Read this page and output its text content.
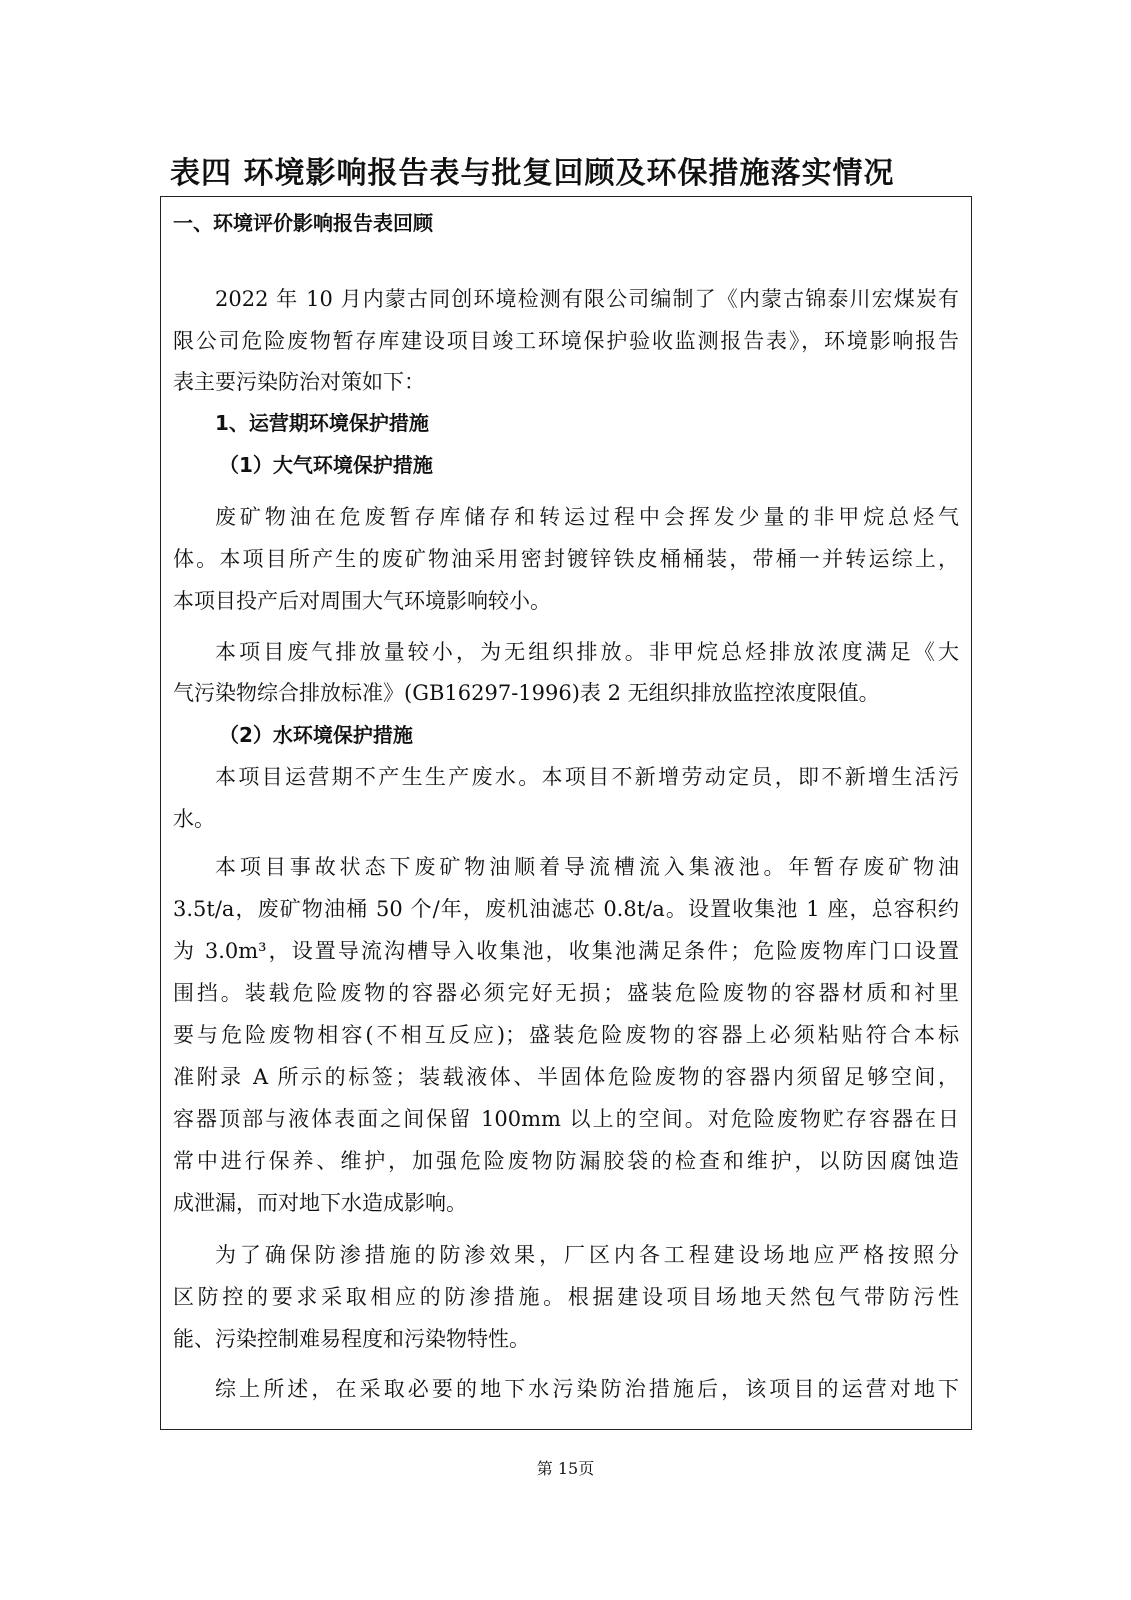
表四 环境影响报告表与批复回顾及环保措施落实情况
一、环境评价影响报告表回顾
2022 年 10 月内蒙古同创环境检测有限公司编制了《内蒙古锦泰川宏煤炭有
限公司危险废物暂存库建设项目竣工环境保护验收监测报告表》，环境影响报告
表主要污染防治对策如下：
1、运营期环境保护措施
（1）大气环境保护措施
废矿物油在危废暂存库储存和转运过程中会挥发少量的非甲烷总烃气
体。本项目所产生的废矿物油采用密封镀锌铁皮桶桶装，带桶一并转运综上，
本项目投产后对周围大气环境影响较小。
本项目废气排放量较小，为无组织排放。非甲烷总烃排放浓度满足《大
气污染物综合排放标准》(GB16297-1996)表 2 无组织排放监控浓度限值。
（2）水环境保护措施
本项目运营期不产生生产废水。本项目不新增劳动定员，即不新增生活污
水。
本项目事故状态下废矿物油顺着导流槽流入集液池。年暂存废矿物油
3.5t/a，废矿物油桶 50 个/年，废机油滤芯 0.8t/a。设置收集池 1 座，总容积约
为 3.0m³，设置导流沟槽导入收集池，收集池满足条件；危险废物库门口设置
围挡。装载危险废物的容器必须完好无损；盛装危险废物的容器材质和衬里
要与危险废物相容(不相互反应)；盛装危险废物的容器上必须粘贴符合本标
准附录 A 所示的标签；装载液体、半固体危险废物的容器内须留足够空间，
容器顶部与液体表面之间保留 100mm 以上的空间。对危险废物贮存容器在日
常中进行保养、维护，加强危险废物防漏胶袋的检查和维护，以防因腐蚀造
成泄漏，而对地下水造成影响。
为了确保防渗措施的防渗效果，厂区内各工程建设场地应严格按照分
区防控的要求采取相应的防渗措施。根据建设项目场地天然包气带防污性
能、污染控制难易程度和污染物特性。
综上所述，在采取必要的地下水污染防治措施后，该项目的运营对地下
第 15页
